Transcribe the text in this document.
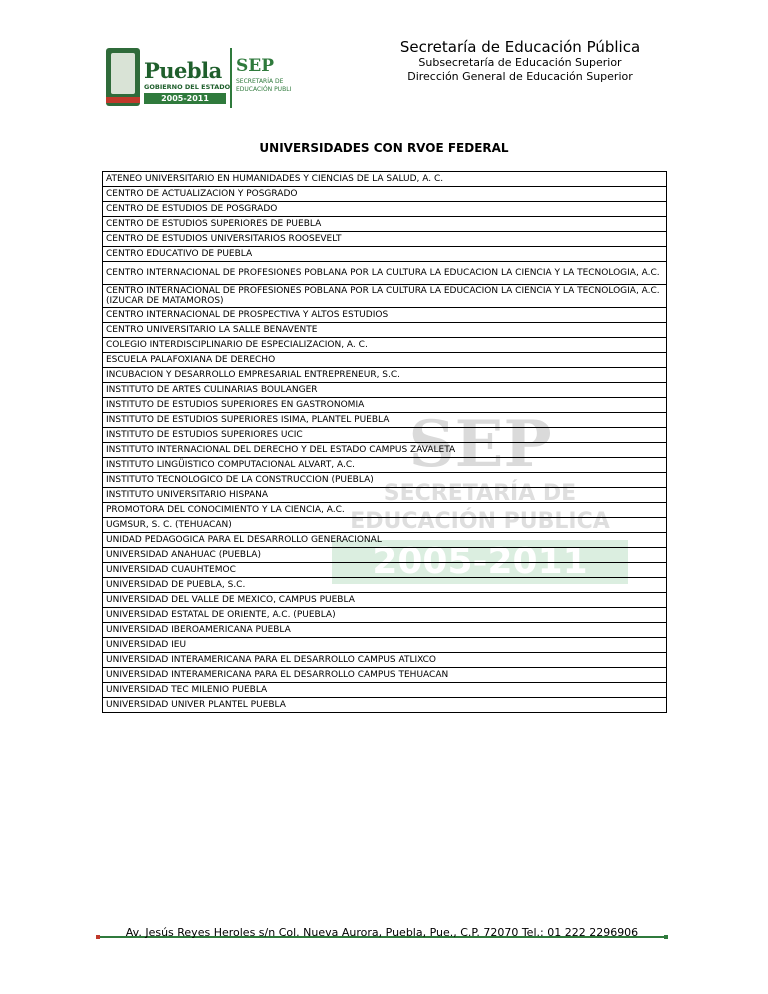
Puebla
GOBIERNO DEL ESTADO
2005-2011
SEP
SECRETARÍA DE
EDUCACIÓN PUBLI
Secretaría de Educación Pública
Subsecretaría de Educación Superior
Dirección General de Educación Superior
UNIVERSIDADES CON RVOE FEDERAL
SEP
SECRETARÍA DE
EDUCACIÓN PUBLICA
2005-2011
ATENEO UNIVERSITARIO EN HUMANIDADES Y CIENCIAS DE LA SALUD, A. C.
CENTRO DE ACTUALIZACION Y POSGRADO
CENTRO DE ESTUDIOS DE POSGRADO
CENTRO DE ESTUDIOS SUPERIORES DE PUEBLA
CENTRO DE ESTUDIOS UNIVERSITARIOS ROOSEVELT
CENTRO EDUCATIVO DE PUEBLA
CENTRO INTERNACIONAL DE PROFESIONES POBLANA POR LA CULTURA LA EDUCACION LA CIENCIA Y LA TECNOLOGIA, A.C.
CENTRO INTERNACIONAL DE PROFESIONES POBLANA POR LA CULTURA LA EDUCACION LA CIENCIA Y LA TECNOLOGIA, A.C. (IZUCAR DE MATAMOROS)
CENTRO INTERNACIONAL DE PROSPECTIVA Y ALTOS ESTUDIOS
CENTRO UNIVERSITARIO LA SALLE BENAVENTE
COLEGIO INTERDISCIPLINARIO DE ESPECIALIZACION, A. C.
ESCUELA PALAFOXIANA DE DERECHO
INCUBACION Y DESARROLLO EMPRESARIAL ENTREPRENEUR, S.C.
INSTITUTO DE ARTES CULINARIAS BOULANGER
INSTITUTO DE ESTUDIOS SUPERIORES EN GASTRONOMIA
INSTITUTO DE ESTUDIOS SUPERIORES ISIMA, PLANTEL PUEBLA
INSTITUTO DE ESTUDIOS SUPERIORES UCIC
INSTITUTO INTERNACIONAL DEL DERECHO Y DEL ESTADO CAMPUS ZAVALETA
INSTITUTO LINGÜISTICO COMPUTACIONAL ALVART, A.C.
INSTITUTO TECNOLOGICO DE LA CONSTRUCCION (PUEBLA)
INSTITUTO UNIVERSITARIO HISPANA
PROMOTORA DEL CONOCIMIENTO Y LA CIENCIA, A.C.
UGMSUR, S. C. (TEHUACAN)
UNIDAD PEDAGOGICA PARA EL DESARROLLO GENERACIONAL
UNIVERSIDAD ANAHUAC (PUEBLA)
UNIVERSIDAD CUAUHTEMOC
UNIVERSIDAD DE PUEBLA, S.C.
UNIVERSIDAD DEL VALLE DE MEXICO, CAMPUS PUEBLA
UNIVERSIDAD ESTATAL DE ORIENTE, A.C. (PUEBLA)
UNIVERSIDAD IBEROAMERICANA PUEBLA
UNIVERSIDAD IEU
UNIVERSIDAD INTERAMERICANA PARA EL DESARROLLO CAMPUS ATLIXCO
UNIVERSIDAD INTERAMERICANA PARA EL DESARROLLO CAMPUS TEHUACAN
UNIVERSIDAD TEC MILENIO PUEBLA
UNIVERSIDAD UNIVER PLANTEL PUEBLA
Av. Jesús Reyes Heroles s/n Col. Nueva Aurora, Puebla, Pue., C.P. 72070 Tel.: 01 222 2296906
